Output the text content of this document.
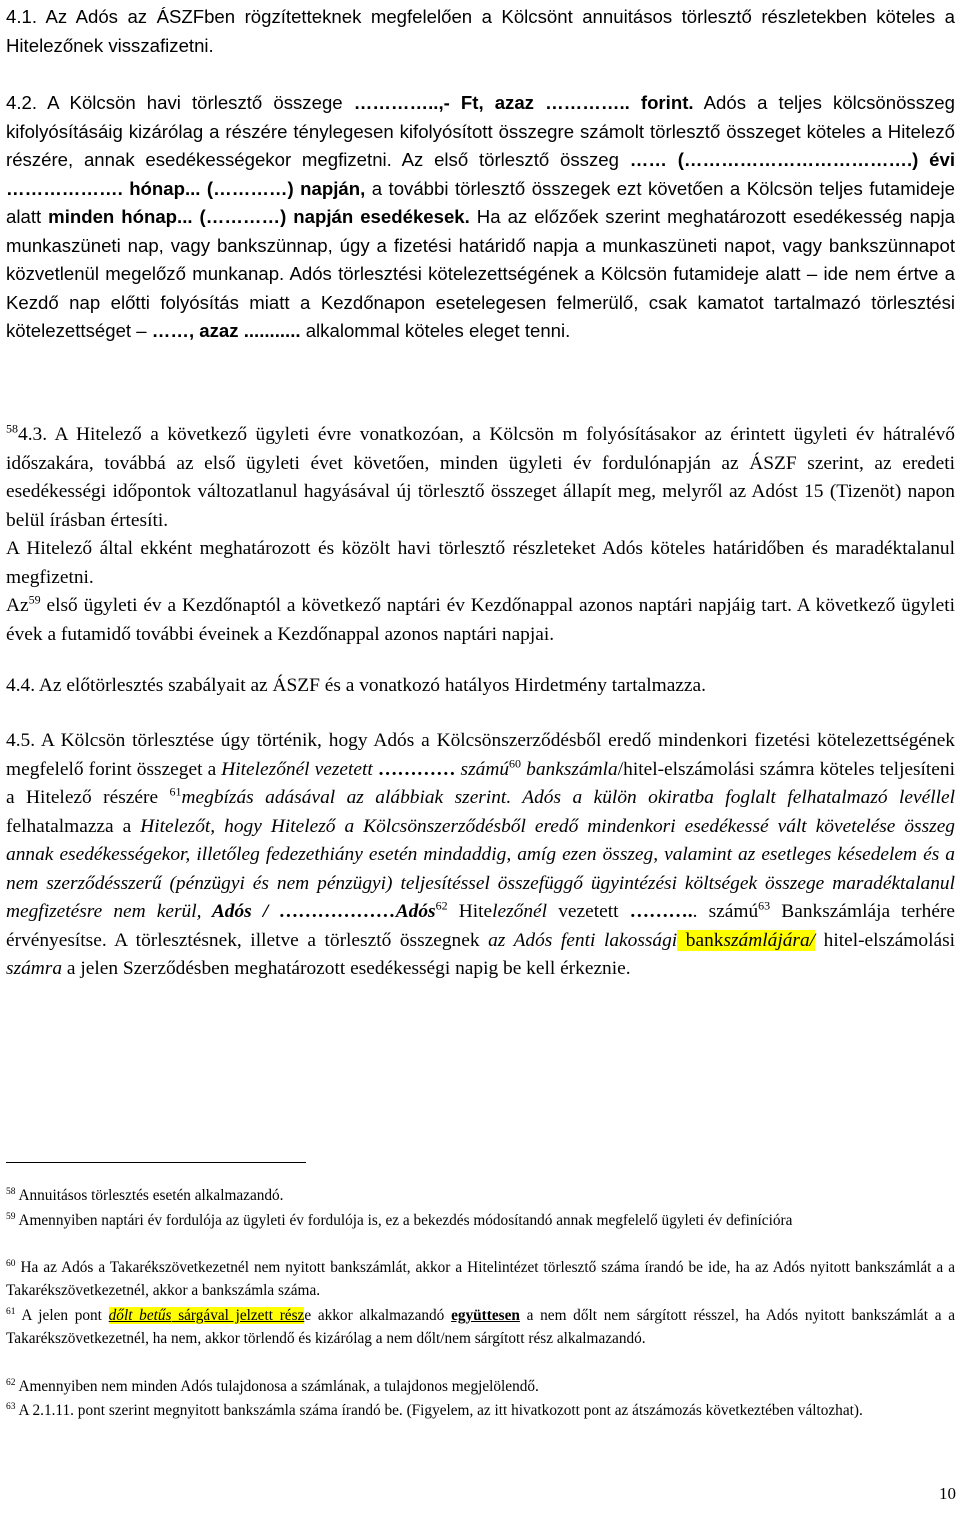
4.1. Az Adós az ÁSZFben rögzítetteknek megfelelően a Kölcsönt annuitásos törlesztő részletekben köteles a Hitelezőnek visszafizetni.
4.2. A Kölcsön havi törlesztő összege …………..,- Ft, azaz ………….. forint. Adós a teljes kölcsönösszeg kifolyósításáig kizárólag a részére ténylegesen kifolyósított összegre számolt törlesztő összeget köteles a Hitelező részére, annak esedékességekor megfizetni. Az első törlesztő összeg …… (……………………………….) évi ………………. hónap... (…………) napján, a további törlesztő összegek ezt követően a Kölcsön teljes futamideje alatt minden hónap... (…………) napján esedékesek. Ha az előzőek szerint meghatározott esedékesség napja munkaszüneti nap, vagy bankszünnap, úgy a fizetési határidő napja a munkaszüneti napot, vagy bankszünnapot közvetlenül megelőző munkanap. Adós törlesztési kötelezettségének a Kölcsön futamideje alatt – ide nem értve a Kezdő nap előtti folyósítás miatt a Kezdőnapon esetelegesen felmerülő, csak kamatot tartalmazó törlesztési kötelezettséget – ……, azaz ........... alkalommal köteles eleget tenni.
$^{58}$4.3. A Hitelező a következő ügyleti évre vonatkozóan, a Kölcsön m folyósításakor az érintett ügyleti év hátralévő időszakára, továbbá az első ügyleti évet követően, minden ügyleti év fordulónapján az ÁSZF szerint, az eredeti esedékességi időpontok változatlanul hagyásával új törlesztő összeget állapít meg, melyről az Adóst 15 (Tizenöt) napon belül írásban értesíti.
A Hitelező által ekként meghatározott és közölt havi törlesztő részleteket Adós köteles határidőben és maradéktalanul megfizetni.
Az$^{59}$ első ügyleti év a Kezdőnaptól a következő naptári év Kezdőnappal azonos naptári napjáig tart. A következő ügyleti évek a futamidő további éveinek a Kezdőnappal azonos naptári napjai.
4.4. Az előtörlesztés szabályait az ÁSZF és a vonatkozó hatályos Hirdetmény tartalmazza.
4.5. A Kölcsön törlesztése úgy történik, hogy Adós a Kölcsönszerződésből eredő mindenkori fizetési kötelezettségének megfelelő forint összeget a Hitelezőnél vezetett ………… számú$^{60}$ bankszámla/hitel-elszámolási számra köteles teljesíteni a Hitelező részére $^{61}$megbízás adásával az alábbiak szerint. Adós a külön okiratba foglalt felhatalmazó levéllel felhatalmazza a Hitelezőt, hogy Hitelező a Kölcsönszerződésből eredő mindenkori esedékessé vált követelése összeg annak esedékességekor, illetőleg fedezethiány esetén mindaddig, amíg ezen összeg, valamint az esetleges késedelem és a nem szerződésszerű (pénzügyi és nem pénzügyi) teljesítéssel összefüggő ügyintézési költségek összege maradéktalanul megfizetésre nem kerül, Adós / ………………Adós$^{62}$ Hitelezőnél vezetett ……….. számú$^{63}$ Bankszámlája terhére érvényesítse. A törlesztésnek, illetve a törlesztő összegnek az Adós fenti lakossági bankszámlájára/ hitel-elszámolási számra a jelen Szerződésben meghatározott esedékességi napig be kell érkeznie.
$^{58}$ Annuitásos törlesztés esetén alkalmazandó.
$^{59}$ Amennyiben naptári év fordulója az ügyleti év fordulója is, ez a bekezdés módosítandó annak megfelelő ügyleti év definícióra
$^{60}$ Ha az Adós a Takarékszövetkezetnél nem nyitott bankszámlát, akkor a Hitelintézet törlesztő száma írandó be ide, ha az Adós nyitott bankszámlát a a Takarékszövetkezetnél, akkor a bankszámla száma.
$^{61}$ A jelen pont dőlt betűs sárgával jelzett része akkor alkalmazandó együttesen a nem dőlt nem sárgított résszel, ha Adós nyitott bankszámlát a a Takarékszövetkezetnél, ha nem, akkor törlendő és kizárólag a nem dőlt/nem sárgított rész alkalmazandó.
$^{62}$ Amennyiben nem minden Adós tulajdonosa a számlának, a tulajdonos megjelölendő.
$^{63}$ A 2.1.11. pont szerint megnyitott bankszámla száma írandó be. (Figyelem, az itt hivatkozott pont az átszámozás következtében változhat).
10
